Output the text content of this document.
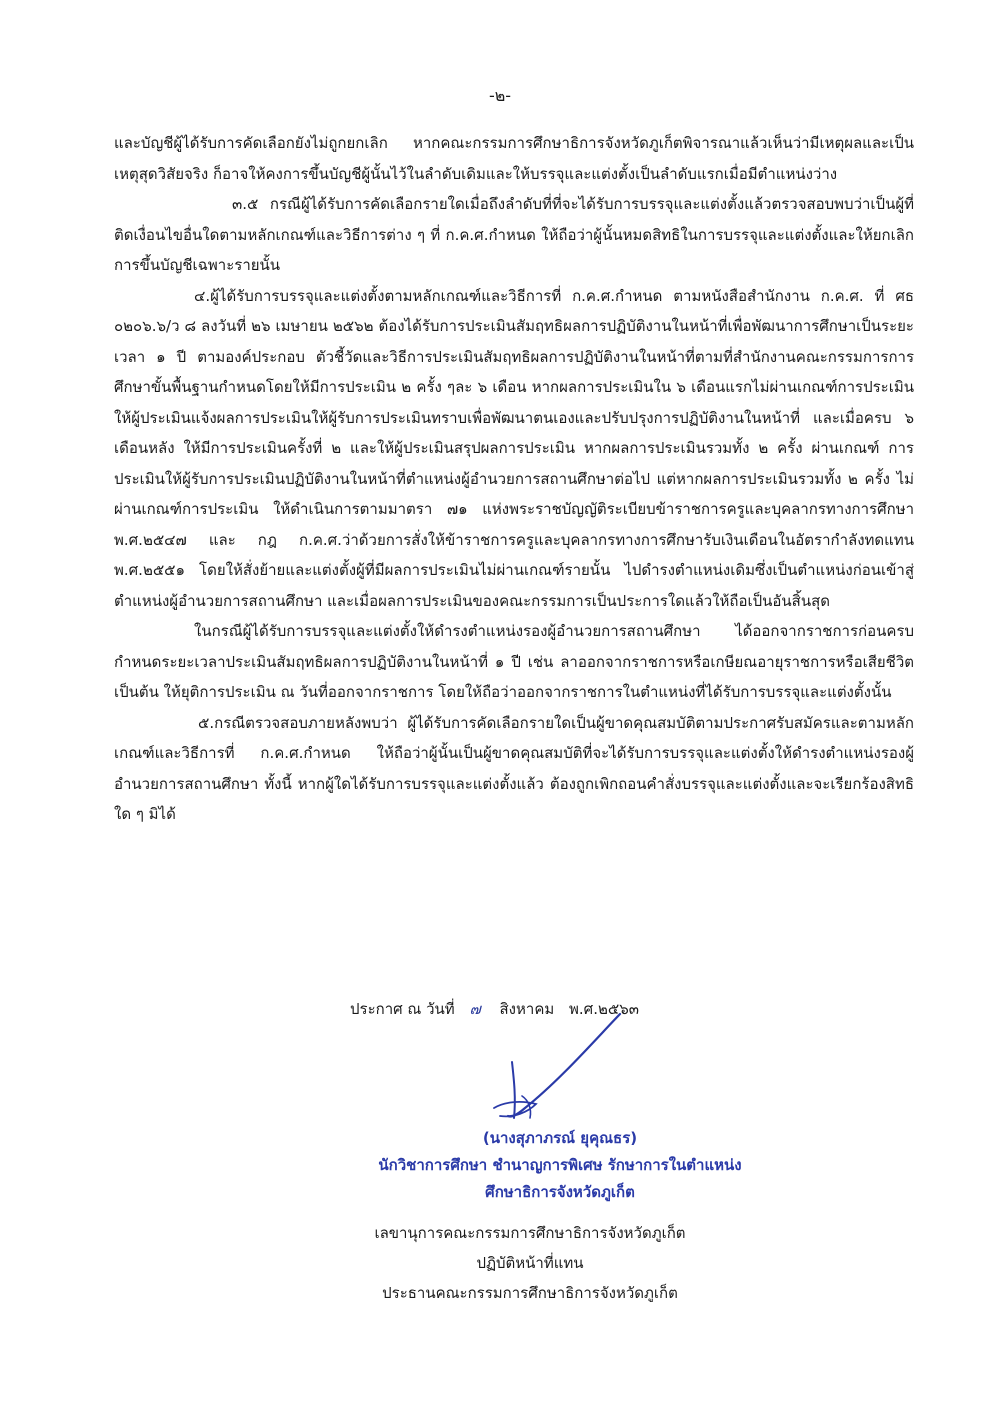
-๒-

และบัญชีผู้ได้รับการคัดเลือกยังไม่ถูกยกเลิก หากคณะกรรมการศึกษาธิการจังหวัดภูเก็ตพิจารณาแล้วเห็นว่ามีเหตุผลและเป็นเหตุสุดวิสัยจริง ก็อาจให้คงการขึ้นบัญชีผู้นั้นไว้ในลำดับเดิมและให้บรรจุและแต่งตั้งเป็นลำดับแรกเมื่อมีตำแหน่งว่าง

๓.๕ กรณีผู้ได้รับการคัดเลือกรายใดเมื่อถึงลำดับที่ที่จะได้รับการบรรจุและแต่งตั้งแล้วตรวจสอบพบว่าเป็นผู้ที่ติดเงื่อนไขอื่นใดตามหลักเกณฑ์และวิธีการต่าง ๆ ที่ ก.ค.ศ.กำหนด ให้ถือว่าผู้นั้นหมดสิทธิในการบรรจุและแต่งตั้งและให้ยกเลิกการขึ้นบัญชีเฉพาะรายนั้น

๔.ผู้ได้รับการบรรจุและแต่งตั้งตามหลักเกณฑ์และวิธีการที่ ก.ค.ศ.กำหนด ตามหนังสือสำนักงาน ก.ค.ศ. ที่ ศธ ๐๒๐๖.๖/ว ๘ ลงวันที่ ๒๖ เมษายน ๒๕๖๒ ต้องได้รับการประเมินสัมฤทธิผลการปฏิบัติงานในหน้าที่เพื่อพัฒนาการศึกษาเป็นระยะเวลา ๑ ปี ตามองค์ประกอบ ตัวชี้วัดและวิธีการประเมินสัมฤทธิผลการปฏิบัติงานในหน้าที่ตามที่สำนักงานคณะกรรมการการศึกษาขั้นพื้นฐานกำหนดโดยให้มีการประเมิน ๒ ครั้ง ๆละ ๖ เดือน หากผลการประเมินใน ๖ เดือนแรกไม่ผ่านเกณฑ์การประเมิน ให้ผู้ประเมินแจ้งผลการประเมินให้ผู้รับการประเมินทราบเพื่อพัฒนาตนเองและปรับปรุงการปฏิบัติงานในหน้าที่ และเมื่อครบ ๖ เดือนหลัง ให้มีการประเมินครั้งที่ ๒ และให้ผู้ประเมินสรุปผลการประเมิน หากผลการประเมินรวมทั้ง ๒ ครั้ง ผ่านเกณฑ์ การประเมินให้ผู้รับการประเมินปฏิบัติงานในหน้าที่ตำแหน่งผู้อำนวยการสถานศึกษาต่อไป แต่หากผลการประเมินรวมทั้ง ๒ ครั้ง ไม่ผ่านเกณฑ์การประเมิน ให้ดำเนินการตามมาตรา ๗๑ แห่งพระราชบัญญัติระเบียบข้าราชการครูและบุคลากรทางการศึกษา พ.ศ.๒๕๔๗ และ กฎ ก.ค.ศ.ว่าด้วยการสั่งให้ข้าราชการครูและบุคลากรทางการศึกษารับเงินเดือนในอัตรากำลังทดแทน พ.ศ.๒๕๕๑ โดยให้สั่งย้ายและแต่งตั้งผู้ที่มีผลการประเมินไม่ผ่านเกณฑ์รายนั้น ไปดำรงตำแหน่งเดิมซึ่งเป็นตำแหน่งก่อนเข้าสู่ตำแหน่งผู้อำนวยการสถานศึกษา และเมื่อผลการประเมินของคณะกรรมการเป็นประการใดแล้วให้ถือเป็นอันสิ้นสุด

ในกรณีผู้ได้รับการบรรจุและแต่งตั้งให้ดำรงตำแหน่งรองผู้อำนวยการสถานศึกษา ได้ออกจากราชการก่อนครบกำหนดระยะเวลาประเมินสัมฤทธิผลการปฏิบัติงานในหน้าที่ ๑ ปี เช่น ลาออกจากราชการหรือเกษียณอายุราชการหรือเสียชีวิต เป็นต้น ให้ยุติการประเมิน ณ วันที่ออกจากราชการ โดยให้ถือว่าออกจากราชการในตำแหน่งที่ได้รับการบรรจุและแต่งตั้งนั้น

๕.กรณีตรวจสอบภายหลังพบว่า ผู้ได้รับการคัดเลือกรายใดเป็นผู้ขาดคุณสมบัติตามประกาศรับสมัครและตามหลักเกณฑ์และวิธีการที่ ก.ค.ศ.กำหนด ให้ถือว่าผู้นั้นเป็นผู้ขาดคุณสมบัติที่จะได้รับการบรรจุและแต่งตั้งให้ดำรงตำแหน่งรองผู้อำนวยการสถานศึกษา ทั้งนี้ หากผู้ใดได้รับการบรรจุและแต่งตั้งแล้ว ต้องถูกเพิกถอนคำสั่งบรรจุและแต่งตั้งและจะเรียกร้องสิทธิใด ๆ มิได้

ประกาศ ณ วันที่ ๗ สิงหาคม พ.ศ.๒๕๖๓
(นางสุภาภรณ์ ยุคุณธร)
นักวิชาการศึกษา ชำนาญการพิเศษ รักษาการในตำแหน่ง
ศึกษาธิการจังหวัดภูเก็ต
เลขานุการคณะกรรมการศึกษาธิการจังหวัดภูเก็ต
ปฏิบัติหน้าที่แทน
ประธานคณะกรรมการศึกษาธิการจังหวัดภูเก็ต
